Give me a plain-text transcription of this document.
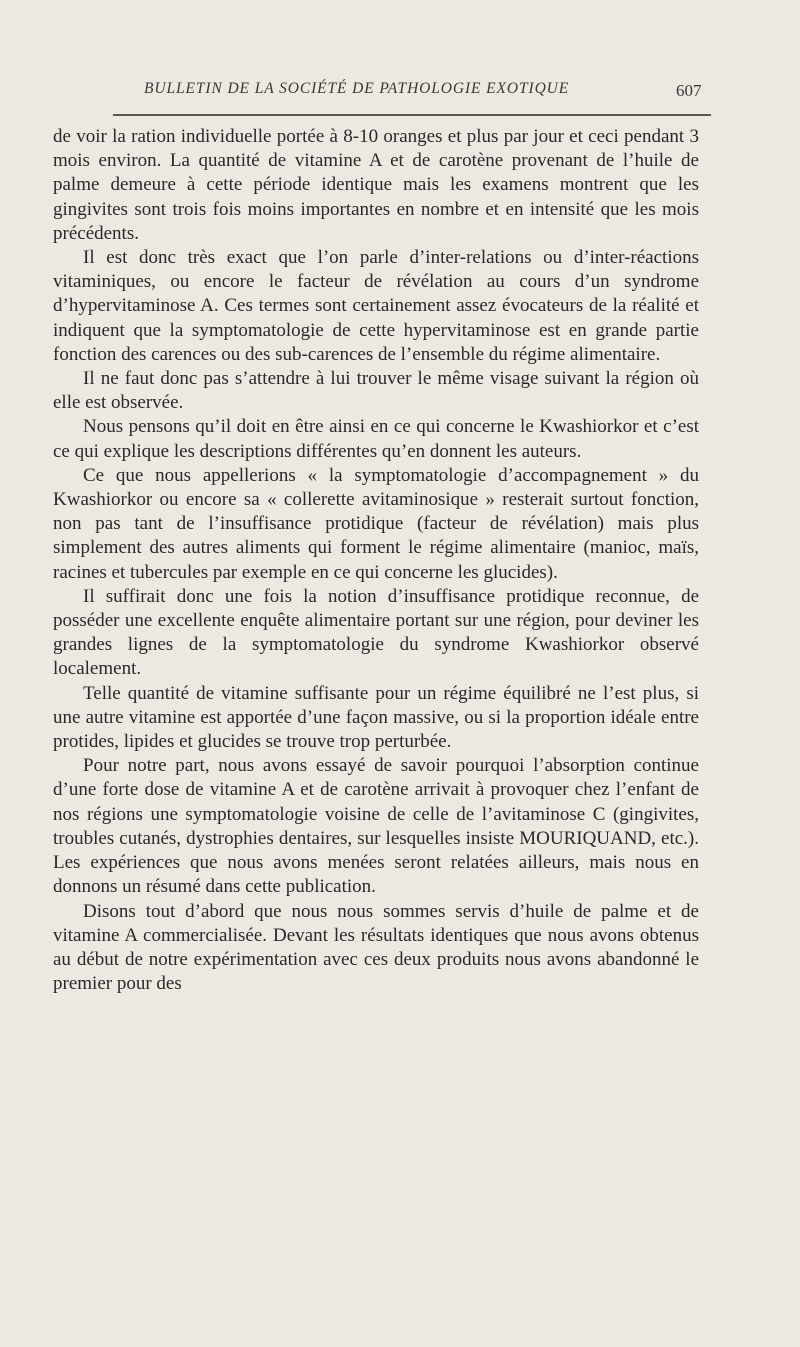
BULLETIN DE LA SOCIÉTÉ DE PATHOLOGIE EXOTIQUE	607

de voir la ration individuelle portée à 8-10 oranges et plus par jour et ceci pendant 3 mois environ. La quantité de vitamine A et de carotène provenant de l’huile de palme demeure à cette période identique mais les examens montrent que les gingivites sont trois fois moins importantes en nombre et en intensité que les mois précédents.

Il est donc très exact que l’on parle d’inter-relations ou d’inter-réactions vitaminiques, ou encore le facteur de révélation au cours d’un syndrome d’hypervitaminose A. Ces termes sont certainement assez évocateurs de la réalité et indiquent que la symptomatologie de cette hypervitaminose est en grande partie fonction des carences ou des sub-carences de l’ensemble du régime alimentaire.

Il ne faut donc pas s’attendre à lui trouver le même visage suivant la région où elle est observée.

Nous pensons qu’il doit en être ainsi en ce qui concerne le Kwashiorkor et c’est ce qui explique les descriptions différentes qu’en donnent les auteurs.

Ce que nous appellerions « la symptomatologie d’accompagnement » du Kwashiorkor ou encore sa « collerette avitaminosique » resterait surtout fonction, non pas tant de l’insuffisance protidique (facteur de révélation) mais plus simplement des autres aliments qui forment le régime alimentaire (manioc, maïs, racines et tubercules par exemple en ce qui concerne les glucides).

Il suffirait donc une fois la notion d’insuffisance protidique reconnue, de posséder une excellente enquête alimentaire portant sur une région, pour deviner les grandes lignes de la symptomatologie du syndrome Kwashiorkor observé localement.

Telle quantité de vitamine suffisante pour un régime équilibré ne l’est plus, si une autre vitamine est apportée d’une façon massive, ou si la proportion idéale entre protides, lipides et glucides se trouve trop perturbée.

Pour notre part, nous avons essayé de savoir pourquoi l’absorption continue d’une forte dose de vitamine A et de carotène arrivait à provoquer chez l’enfant de nos régions une symptomatologie voisine de celle de l’avitaminose C (gingivites, troubles cutanés, dystrophies dentaires, sur lesquelles insiste MOURIQUAND, etc.). Les expériences que nous avons menées seront relatées ailleurs, mais nous en donnons un résumé dans cette publication.

Disons tout d’abord que nous nous sommes servis d’huile de palme et de vitamine A commercialisée. Devant les résultats identiques que nous avons obtenus au début de notre expérimentation avec ces deux produits nous avons abandonné le premier pour des
